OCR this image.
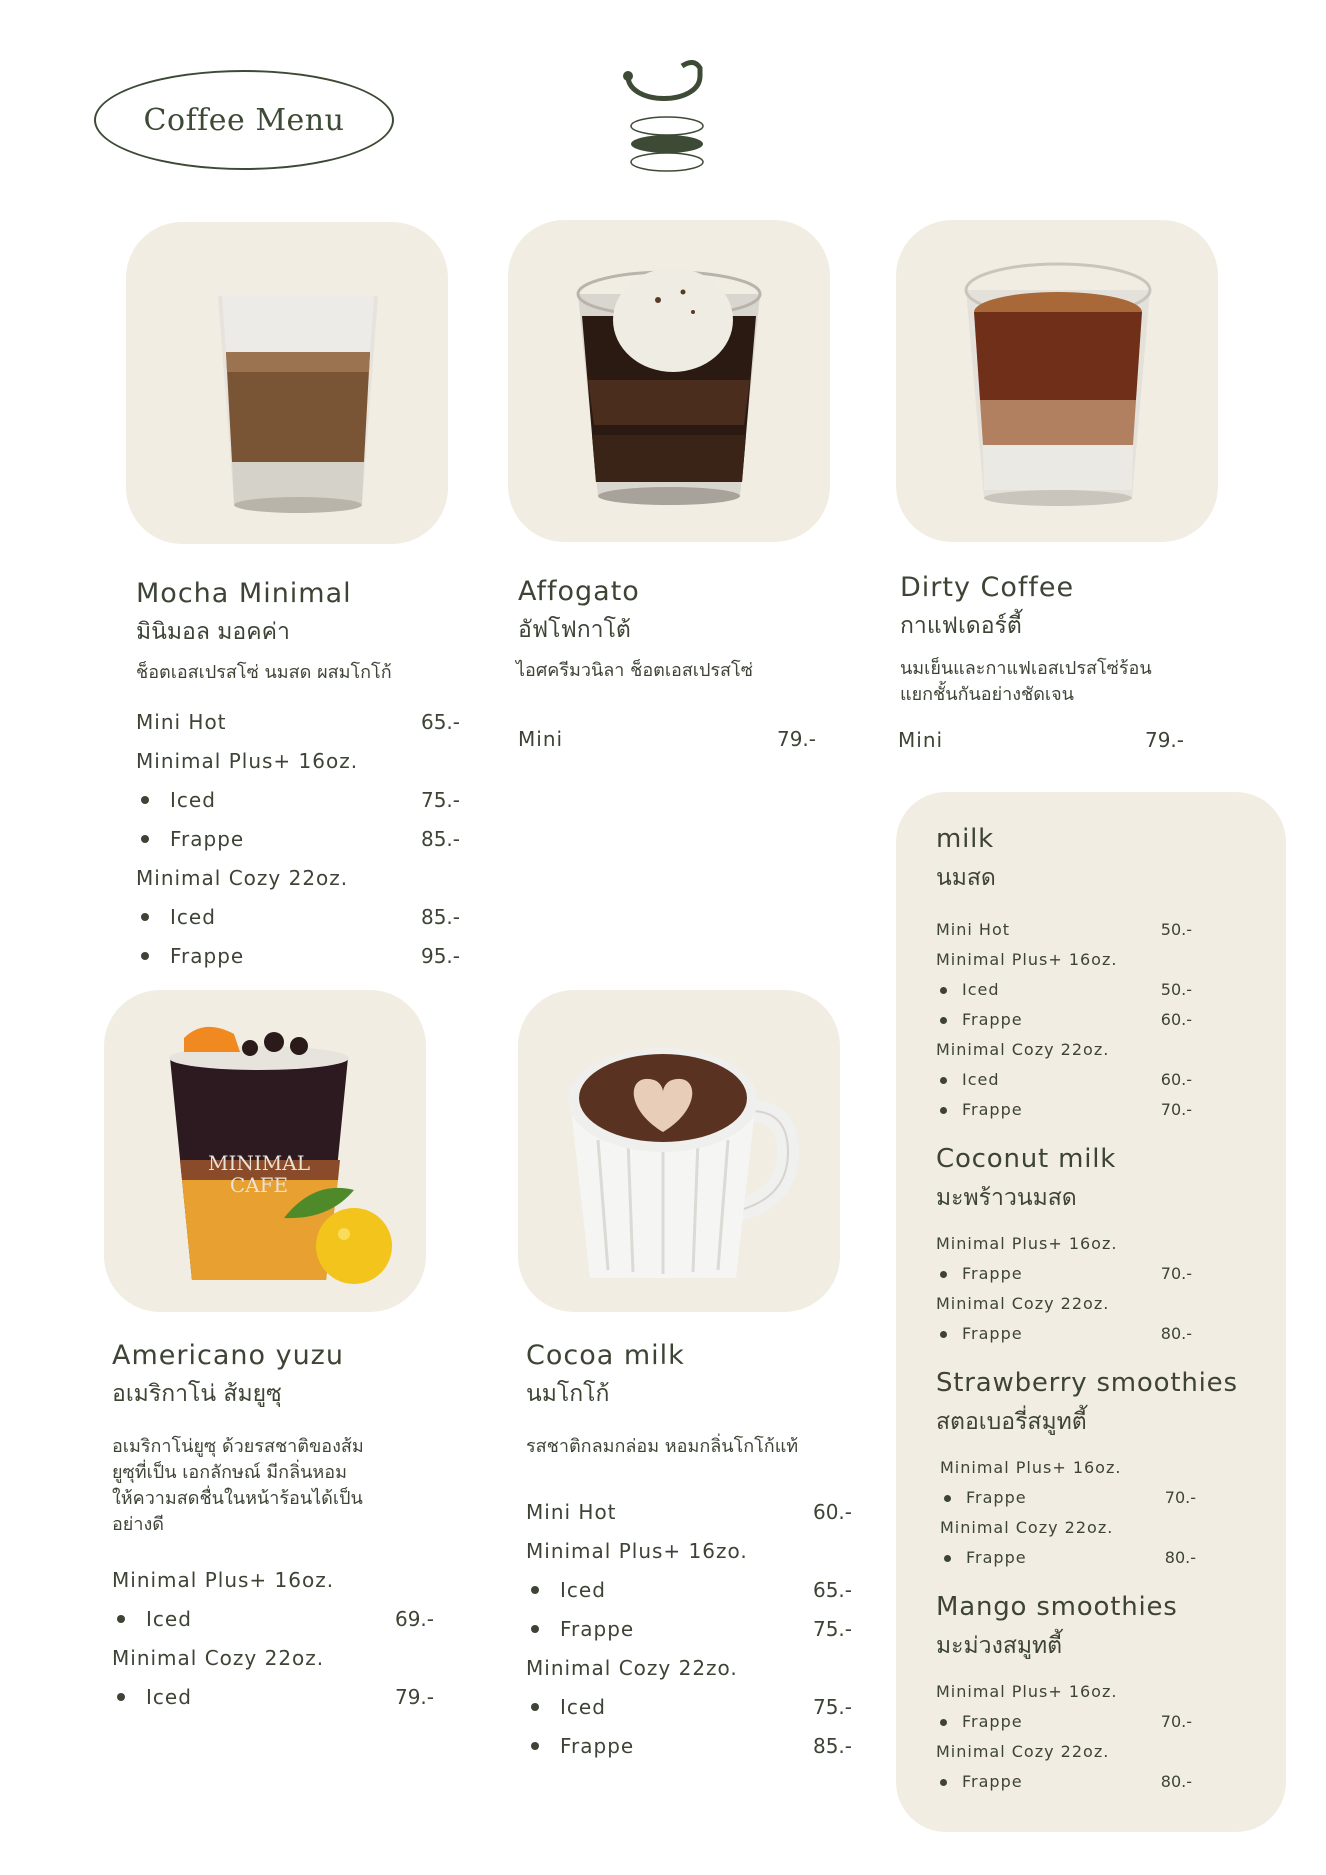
Coffee Menu
Mocha Minimal
มินิมอล มอคค่า
ช็อตเอสเปรสโซ่ นมสด ผสมโกโก้
Mini Hot	65.-
Minimal Plus+ 16oz.
Iced	75.-
Frappe	85.-
Minimal Cozy 22oz.
Iced	85.-
Frappe	95.-
Affogato
อัฟโฟกาโต้
ไอศครีมวนิลา ช็อตเอสเปรสโซ่
Mini	79.-
Dirty Coffee
กาแฟเดอร์ตี้
นมเย็นและกาแฟเอสเปรสโซ่ร้อน
แยกชั้นกันอย่างชัดเจน
Mini	79.-
MINIMAL
CAFE
Americano yuzu
อเมริกาโน่ ส้มยูซุ
อเมริกาโน่ยูซุ ด้วยรสชาติของส้ม
ยูซุที่เป็น เอกลักษณ์ มีกลิ่นหอม
ให้ความสดชื่นในหน้าร้อนได้เป็น
อย่างดี
Minimal Plus+ 16oz.
Iced	69.-
Minimal Cozy 22oz.
Iced	79.-
Cocoa milk
นมโกโก้
รสชาติกลมกล่อม หอมกลิ่นโกโก้แท้
Mini Hot	60.-
Minimal Plus+ 16zo.
Iced	65.-
Frappe	75.-
Minimal Cozy 22zo.
Iced	75.-
Frappe	85.-
milk
นมสด
Mini Hot	50.-
Minimal Plus+ 16oz.
Iced	50.-
Frappe	60.-
Minimal Cozy 22oz.
Iced	60.-
Frappe	70.-
Coconut milk
มะพร้าวนมสด
Minimal Plus+ 16oz.
Frappe	70.-
Minimal Cozy 22oz.
Frappe	80.-
Strawberry smoothies
สตอเบอรี่สมูทตี้
Minimal Plus+ 16oz.
Frappe	70.-
Minimal Cozy 22oz.
Frappe	80.-
Mango smoothies
มะม่วงสมูทตี้
Minimal Plus+ 16oz.
Frappe	70.-
Minimal Cozy 22oz.
Frappe	80.-
